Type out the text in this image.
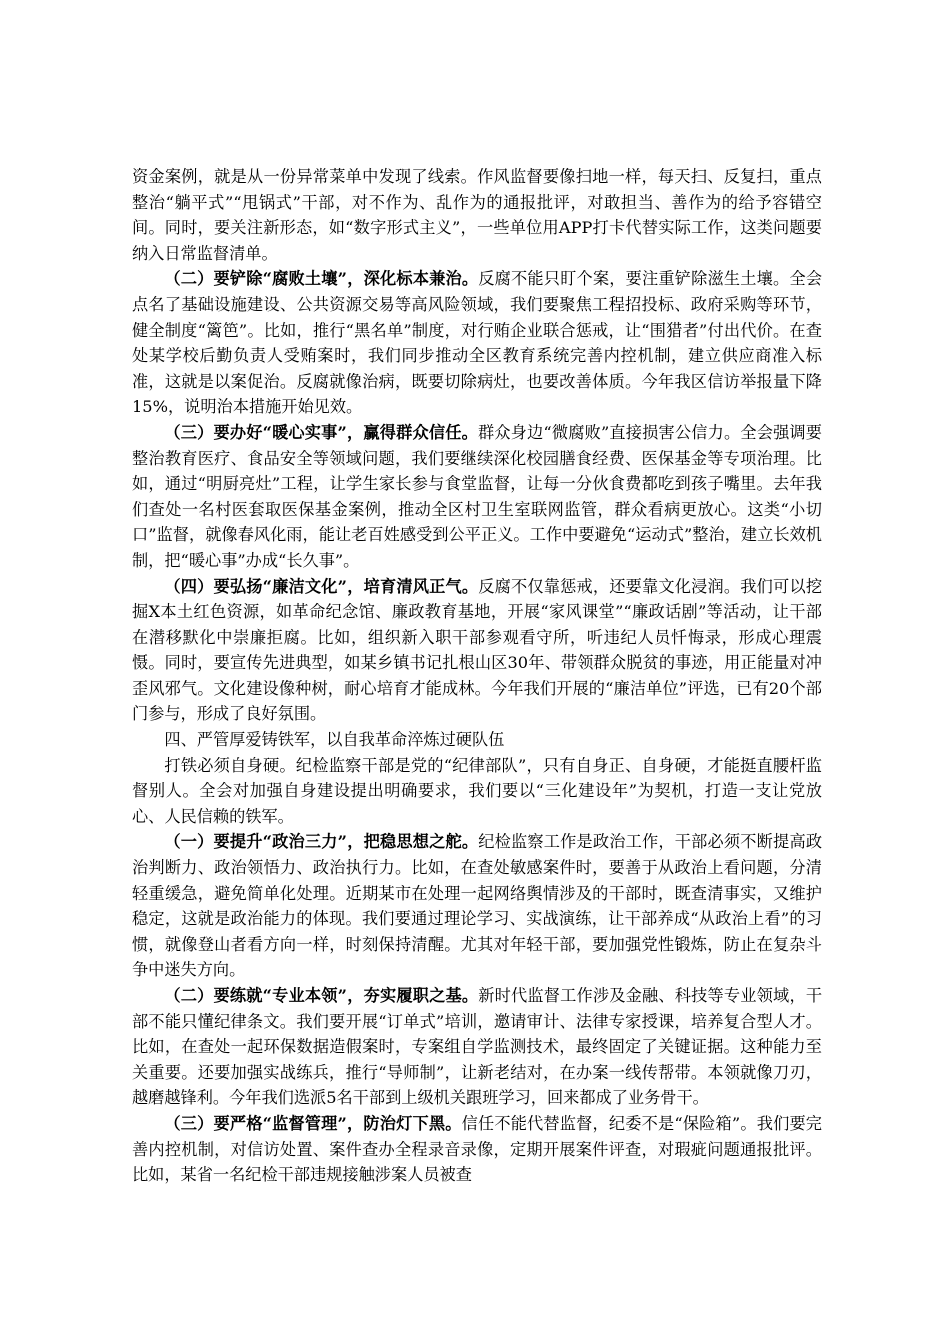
资金案例，就是从一份异常菜单中发现了线索。作风监督要像扫地一样，每天扫、反复扫，重点整治“躺平式”“甩锅式”干部，对不作为、乱作为的通报批评，对敢担当、善作为的给予容错空间。同时，要关注新形态，如“数字形式主义”，一些单位用APP打卡代替实际工作，这类问题要纳入日常监督清单。

（二）要铲除“腐败土壤”，深化标本兼治。反腐不能只盯个案，要注重铲除滋生土壤。全会点名了基础设施建设、公共资源交易等高风险领域，我们要聚焦工程招投标、政府采购等环节，健全制度“篱笆”。比如，推行“黑名单”制度，对行贿企业联合惩戒，让“围猎者”付出代价。在查处某学校后勤负责人受贿案时，我们同步推动全区教育系统完善内控机制，建立供应商准入标准，这就是以案促治。反腐就像治病，既要切除病灶，也要改善体质。今年我区信访举报量下降15%，说明治本措施开始见效。

（三）要办好“暖心实事”，赢得群众信任。群众身边“微腐败”直接损害公信力。全会强调要整治教育医疗、食品安全等领域问题，我们要继续深化校园膳食经费、医保基金等专项治理。比如，通过“明厨亮灶”工程，让学生家长参与食堂监督，让每一分伙食费都吃到孩子嘴里。去年我们查处一名村医套取医保基金案例，推动全区村卫生室联网监管，群众看病更放心。这类“小切口”监督，就像春风化雨，能让老百姓感受到公平正义。工作中要避免“运动式”整治，建立长效机制，把“暖心事”办成“长久事”。

（四）要弘扬“廉洁文化”，培育清风正气。反腐不仅靠惩戒，还要靠文化浸润。我们可以挖掘X本土红色资源，如革命纪念馆、廉政教育基地，开展“家风课堂”“廉政话剧”等活动，让干部在潜移默化中崇廉拒腐。比如，组织新入职干部参观看守所，听违纪人员忏悔录，形成心理震慑。同时，要宣传先进典型，如某乡镇书记扎根山区30年、带领群众脱贫的事迹，用正能量对冲歪风邪气。文化建设像种树，耐心培育才能成林。今年我们开展的“廉洁单位”评选，已有20个部门参与，形成了良好氛围。

四、严管厚爱铸铁军，以自我革命淬炼过硬队伍

打铁必须自身硬。纪检监察干部是党的“纪律部队”，只有自身正、自身硬，才能挺直腰杆监督别人。全会对加强自身建设提出明确要求，我们要以“三化建设年”为契机，打造一支让党放心、人民信赖的铁军。

（一）要提升“政治三力”，把稳思想之舵。纪检监察工作是政治工作，干部必须不断提高政治判断力、政治领悟力、政治执行力。比如，在查处敏感案件时，要善于从政治上看问题，分清轻重缓急，避免简单化处理。近期某市在处理一起网络舆情涉及的干部时，既查清事实，又维护稳定，这就是政治能力的体现。我们要通过理论学习、实战演练，让干部养成“从政治上看”的习惯，就像登山者看方向一样，时刻保持清醒。尤其对年轻干部，要加强党性锻炼，防止在复杂斗争中迷失方向。

（二）要练就“专业本领”，夯实履职之基。新时代监督工作涉及金融、科技等专业领域，干部不能只懂纪律条文。我们要开展“订单式”培训，邀请审计、法律专家授课，培养复合型人才。比如，在查处一起环保数据造假案时，专案组自学监测技术，最终固定了关键证据。这种能力至关重要。还要加强实战练兵，推行“导师制”，让新老结对，在办案一线传帮带。本领就像刀刃，越磨越锋利。今年我们选派5名干部到上级机关跟班学习，回来都成了业务骨干。

（三）要严格“监督管理”，防治灯下黑。信任不能代替监督，纪委不是“保险箱”。我们要完善内控机制，对信访处置、案件查办全程录音录像，定期开展案件评查，对瑕疵问题通报批评。比如，某省一名纪检干部违规接触涉案人员被查
